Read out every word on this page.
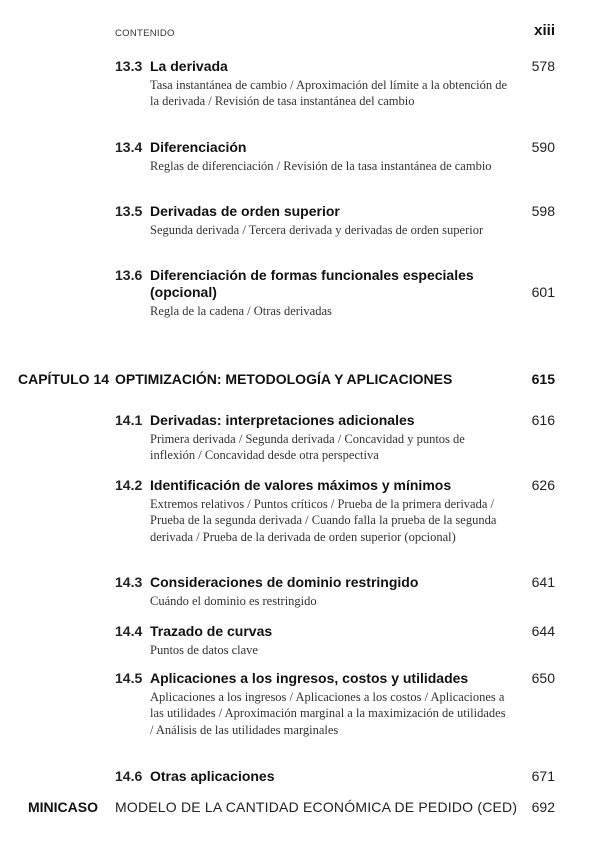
CONTENIDO	xiii
13.3 La derivada	578
Tasa instantánea de cambio / Aproximación del límite a la obtención de la derivada / Revisión de tasa instantánea del cambio
13.4 Diferenciación	590
Reglas de diferenciación / Revisión de la tasa instantánea de cambio
13.5 Derivadas de orden superior	598
Segunda derivada / Tercera derivada y derivadas de orden superior
13.6 Diferenciación de formas funcionales especiales (opcional)	601
Regla de la cadena / Otras derivadas
CAPÍTULO 14 OPTIMIZACIÓN: METODOLOGÍA Y APLICACIONES	615
14.1 Derivadas: interpretaciones adicionales	616
Primera derivada / Segunda derivada / Concavidad y puntos de inflexión / Concavidad desde otra perspectiva
14.2 Identificación de valores máximos y mínimos	626
Extremos relativos / Puntos críticos / Prueba de la primera derivada / Prueba de la segunda derivada / Cuando falla la prueba de la segunda derivada / Prueba de la derivada de orden superior (opcional)
14.3 Consideraciones de dominio restringido	641
Cuándo el dominio es restringido
14.4 Trazado de curvas	644
Puntos de datos clave
14.5 Aplicaciones a los ingresos, costos y utilidades	650
Aplicaciones a los ingresos / Aplicaciones a los costos / Aplicaciones a las utilidades / Aproximación marginal a la maximización de utilidades / Análisis de las utilidades marginales
14.6 Otras aplicaciones	671
MINICASO MODELO DE LA CANTIDAD ECONÓMICA DE PEDIDO (CED) 692
